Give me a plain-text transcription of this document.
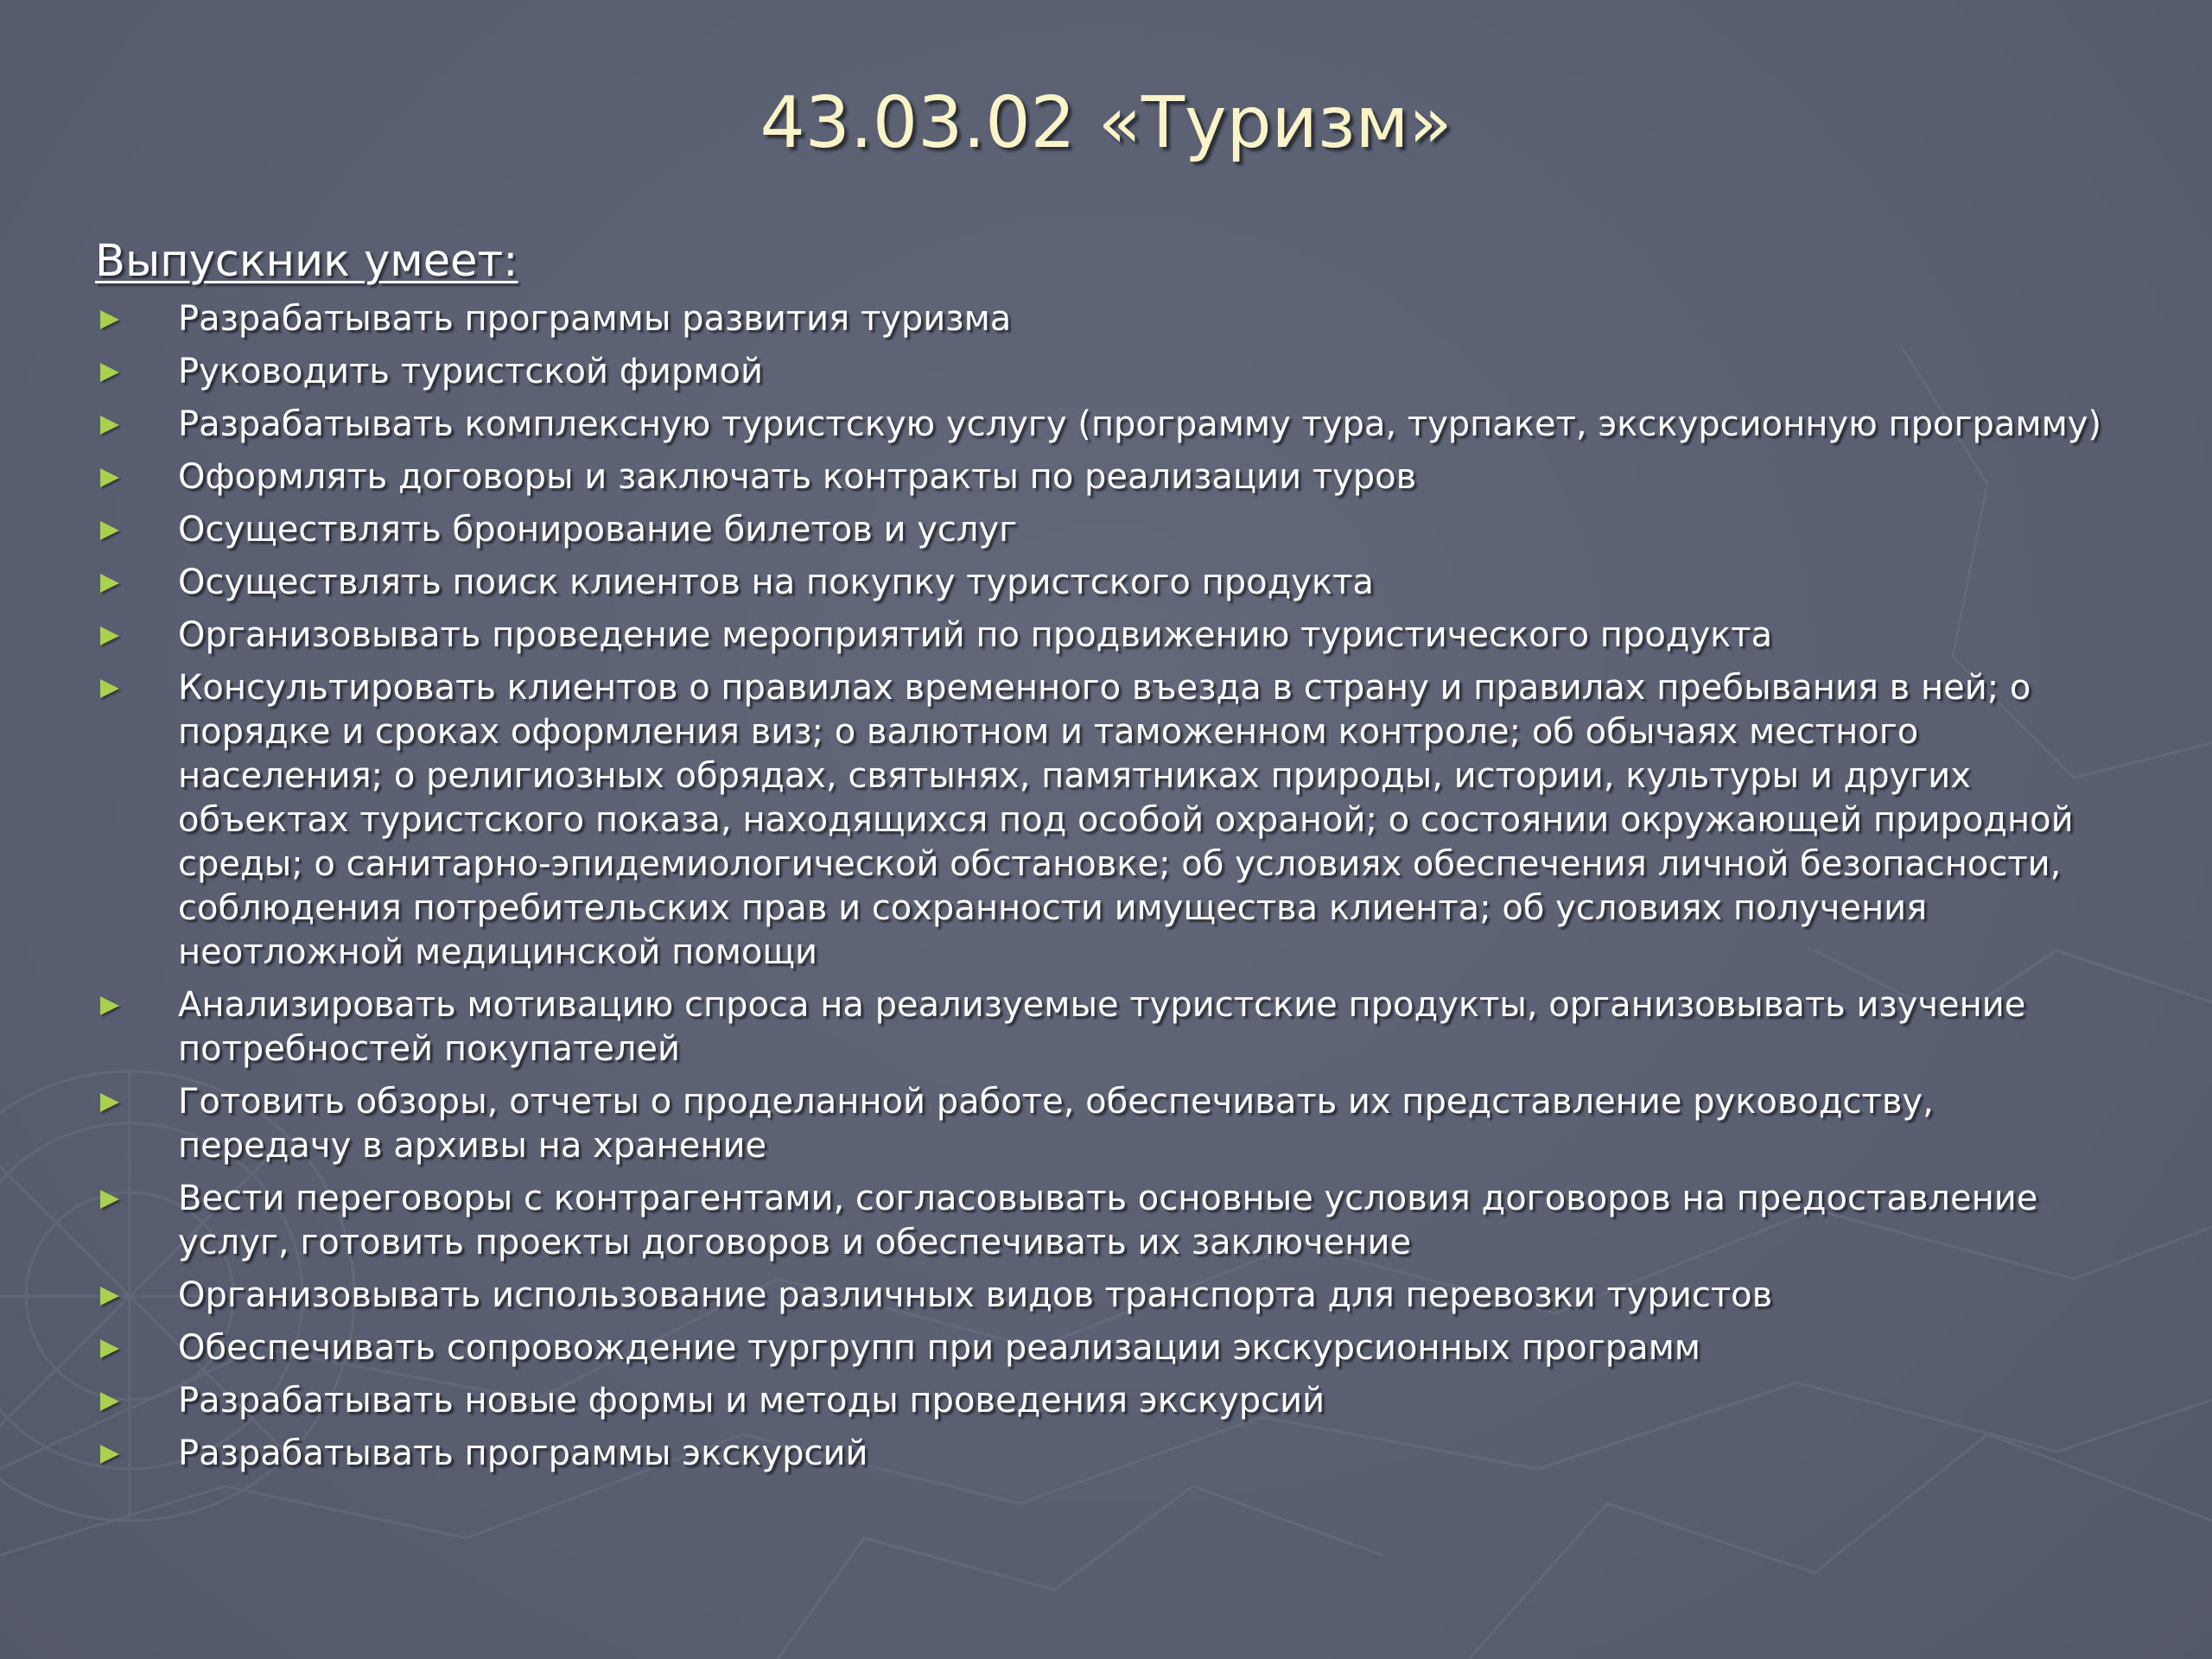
43.03.02 «Туризм»
Выпускник умеет:
Разрабатывать программы развития туризма
Руководить туристской фирмой
Разрабатывать комплексную туристскую услугу (программу тура, турпакет, экскурсионную программу)
Оформлять договоры и заключать контракты по реализации туров
Осуществлять бронирование билетов и услуг
Осуществлять поиск клиентов на покупку туристского продукта
Организовывать проведение мероприятий по продвижению туристического продукта
Консультировать клиентов о правилах временного въезда в страну и правилах пребывания в ней; о порядке и сроках оформления виз; о валютном и таможенном контроле; об обычаях местного населения; о религиозных обрядах, святынях, памятниках природы, истории, культуры и других объектах туристского показа, находящихся под особой охраной; о состоянии окружающей природной среды; о санитарно-эпидемиологической обстановке; об условиях обеспечения личной безопасности, соблюдения потребительских прав и сохранности имущества клиента; об условиях получения неотложной медицинской помощи
Анализировать мотивацию спроса на реализуемые туристские продукты, организовывать изучение потребностей покупателей
Готовить обзоры, отчеты о проделанной работе, обеспечивать их представление руководству, передачу в архивы на хранение
Вести переговоры с контрагентами, согласовывать основные условия договоров на предоставление услуг, готовить проекты договоров и обеспечивать их заключение
Организовывать использование различных видов транспорта для перевозки туристов
Обеспечивать сопровождение тургрупп при реализации экскурсионных программ
Разрабатывать новые формы и методы проведения экскурсий
Разрабатывать программы экскурсий
